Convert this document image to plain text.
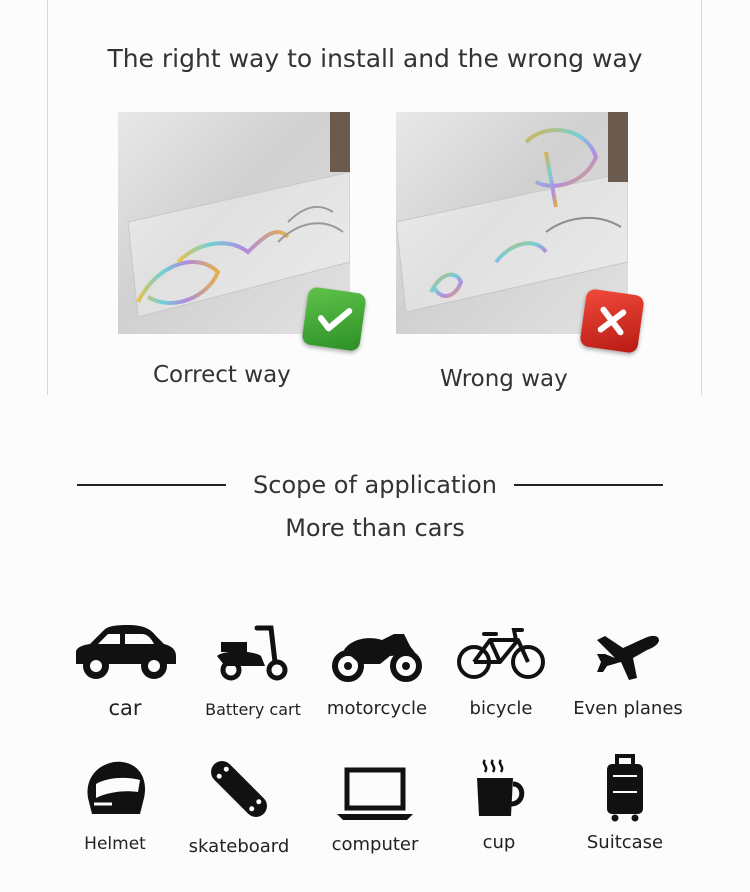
The right way to install and the wrong way
Correct way	Wrong way
Scope of application
More than cars
car	Battery cart	motorcycle	bicycle	Even planes
Helmet	skateboard	computer	cup	Suitcase
